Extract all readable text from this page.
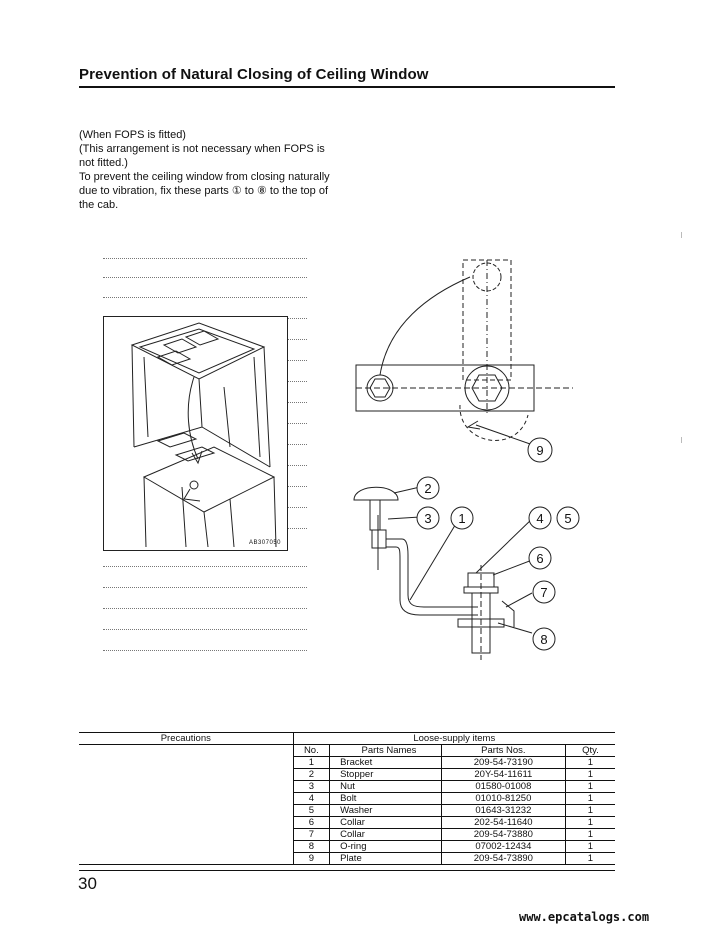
Prevention of Natural Closing of Ceiling Window

(When FOPS is fitted)

(This arrangement is not necessary when FOPS is not fitted.)

To prevent the ceiling window from closing naturally due to vibration, fix these parts ① to ⑧ to the top of the cab.

AB307050
2
3 1	4 5
6
7
8
9
Precautions	Loose-supply items			
	No.	Parts Names	Parts Nos.	Qty.
	1	Bracket	209-54-73190	1
	2	Stopper	20Y-54-11611	1
	3	Nut	01580-01008	1
	4	Bolt	01010-81250	1
	5	Washer	01643-31232	1
	6	Collar	202-54-11640	1
	7	Collar	209-54-73880	1
	8	O-ring	07002-12434	1
	9	Plate	209-54-73890	1
30
www.epcatalogs.com
